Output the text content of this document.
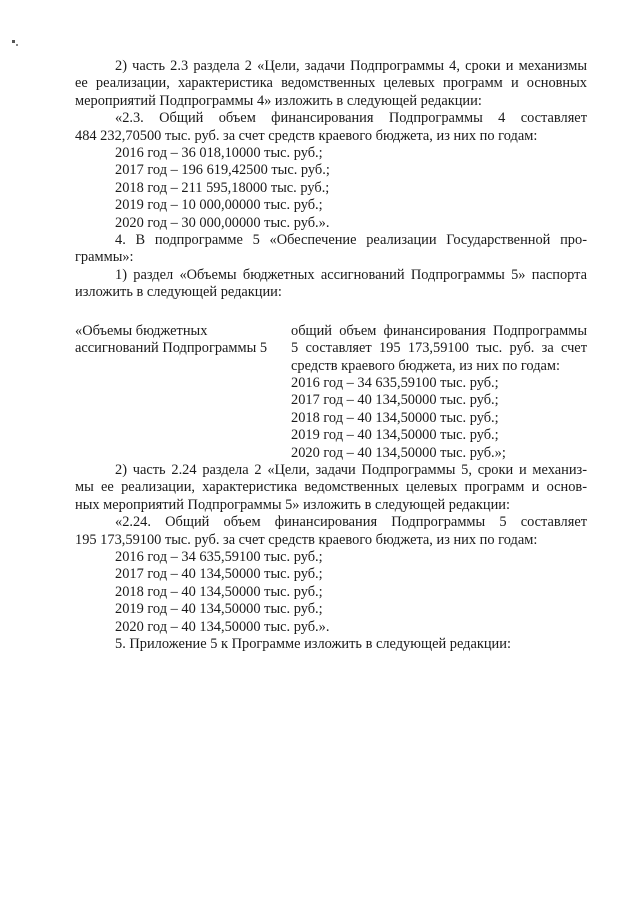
2) часть 2.3 раздела 2 «Цели, задачи Подпрограммы 4, сроки и механизмы

ее реализации, характеристика ведомственных целевых программ и основных

мероприятий Подпрограммы 4» изложить в следующей редакции:

«2.3. Общий объем финансирования Подпрограммы 4 составляет

484 232,70500 тыс. руб. за счет средств краевого бюджета, из них по годам:

2016 год – 36 018,10000 тыс. руб.;

2017 год – 196 619,42500 тыс. руб.;

2018 год – 211 595,18000 тыс. руб.;

2019 год – 10 000,00000 тыс. руб.;

2020 год – 30 000,00000 тыс. руб.».

4. В подпрограмме 5 «Обеспечение реализации Государственной про-

граммы»:

1) раздел «Объемы бюджетных ассигнований Подпрограммы 5» паспорта

изложить в следующей редакции:

«Объемы бюджетных

ассигнований Подпрограммы 5

общий объем финансирования Подпрограммы

5 составляет 195 173,59100 тыс. руб. за счет

средств краевого бюджета, из них по годам:

2016 год – 34 635,59100 тыс. руб.;

2017 год – 40 134,50000 тыс. руб.;

2018 год – 40 134,50000 тыс. руб.;

2019 год – 40 134,50000 тыс. руб.;

2020 год – 40 134,50000 тыс. руб.»;

2) часть 2.24 раздела 2 «Цели, задачи Подпрограммы 5, сроки и механиз-

мы ее реализации, характеристика ведомственных целевых программ и основ-

ных мероприятий Подпрограммы 5» изложить в следующей редакции:

«2.24. Общий объем финансирования Подпрограммы 5 составляет

195 173,59100 тыс. руб. за счет средств краевого бюджета, из них по годам:

2016 год – 34 635,59100 тыс. руб.;

2017 год – 40 134,50000 тыс. руб.;

2018 год – 40 134,50000 тыс. руб.;

2019 год – 40 134,50000 тыс. руб.;

2020 год – 40 134,50000 тыс. руб.».

5. Приложение 5 к Программе изложить в следующей редакции:
